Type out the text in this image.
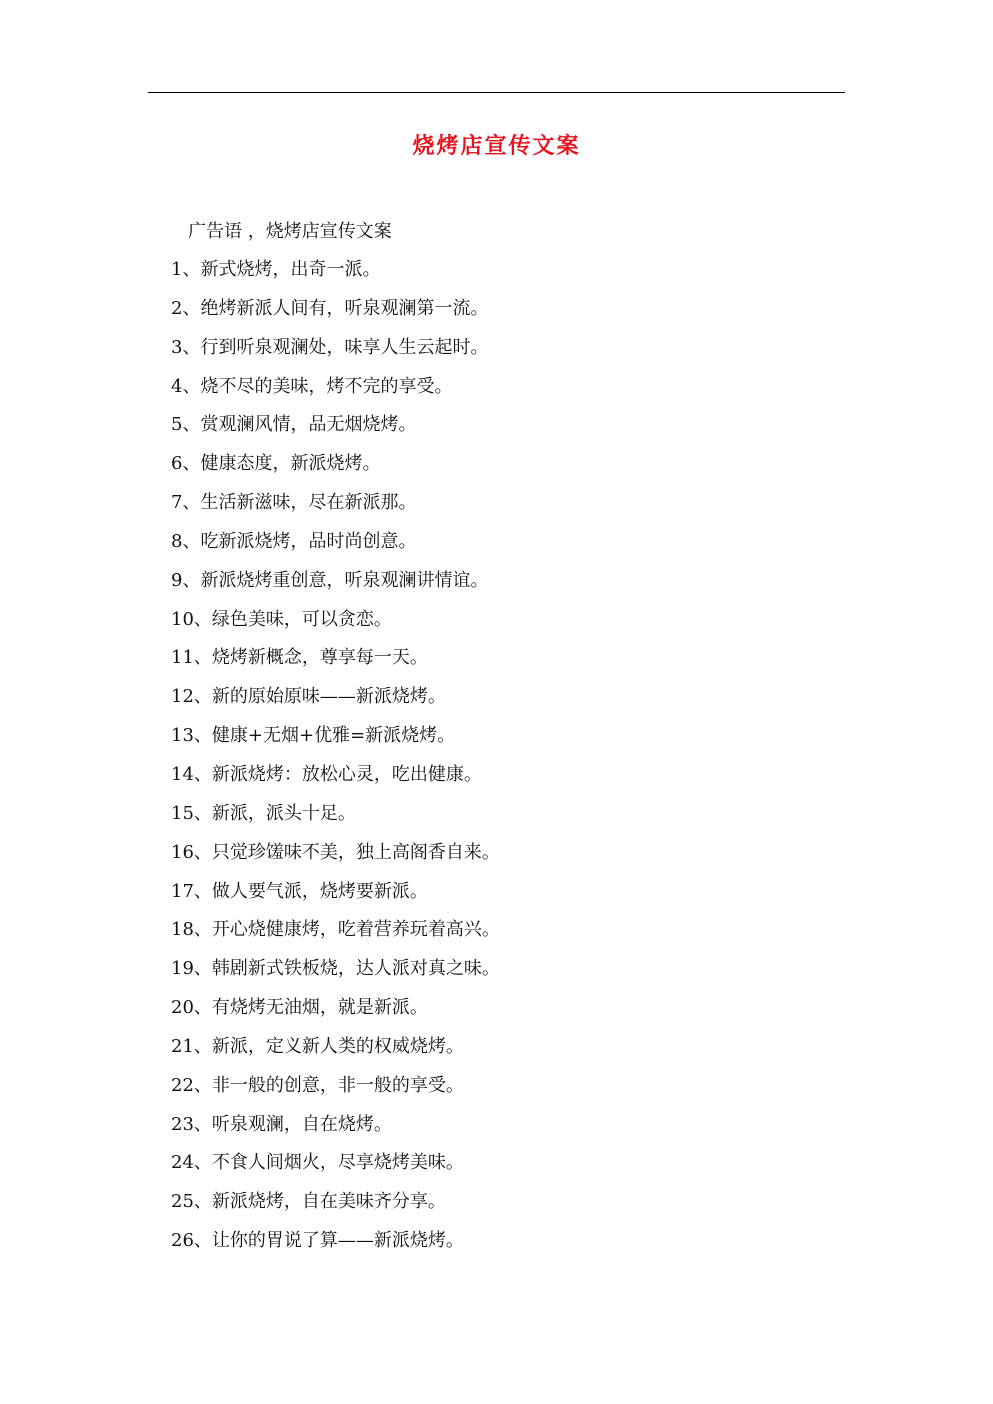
烧烤店宣传文案
广告语 ，烧烤店宣传文案
1、新式烧烤，出奇一派。
2、绝烤新派人间有，听泉观澜第一流。
3、行到听泉观澜处，味享人生云起时。
4、烧不尽的美味，烤不完的享受。
5、赏观澜风情，品无烟烧烤。
6、健康态度，新派烧烤。
7、生活新滋味，尽在新派那。
8、吃新派烧烤，品时尚创意。
9、新派烧烤重创意，听泉观澜讲情谊。
10、绿色美味，可以贪恋。
11、烧烤新概念，尊享每一天。
12、新的原始原味——新派烧烤。
13、健康+无烟+优雅=新派烧烤。
14、新派烧烤：放松心灵，吃出健康。
15、新派，派头十足。
16、只觉珍馐味不美，独上高阁香自来。
17、做人要气派，烧烤要新派。
18、开心烧健康烤，吃着营养玩着高兴。
19、韩剧新式铁板烧，达人派对真之味。
20、有烧烤无油烟，就是新派。
21、新派，定义新人类的权威烧烤。
22、非一般的创意，非一般的享受。
23、听泉观澜，自在烧烤。
24、不食人间烟火，尽享烧烤美味。
25、新派烧烤，自在美味齐分享。
26、让你的胃说了算——新派烧烤。
